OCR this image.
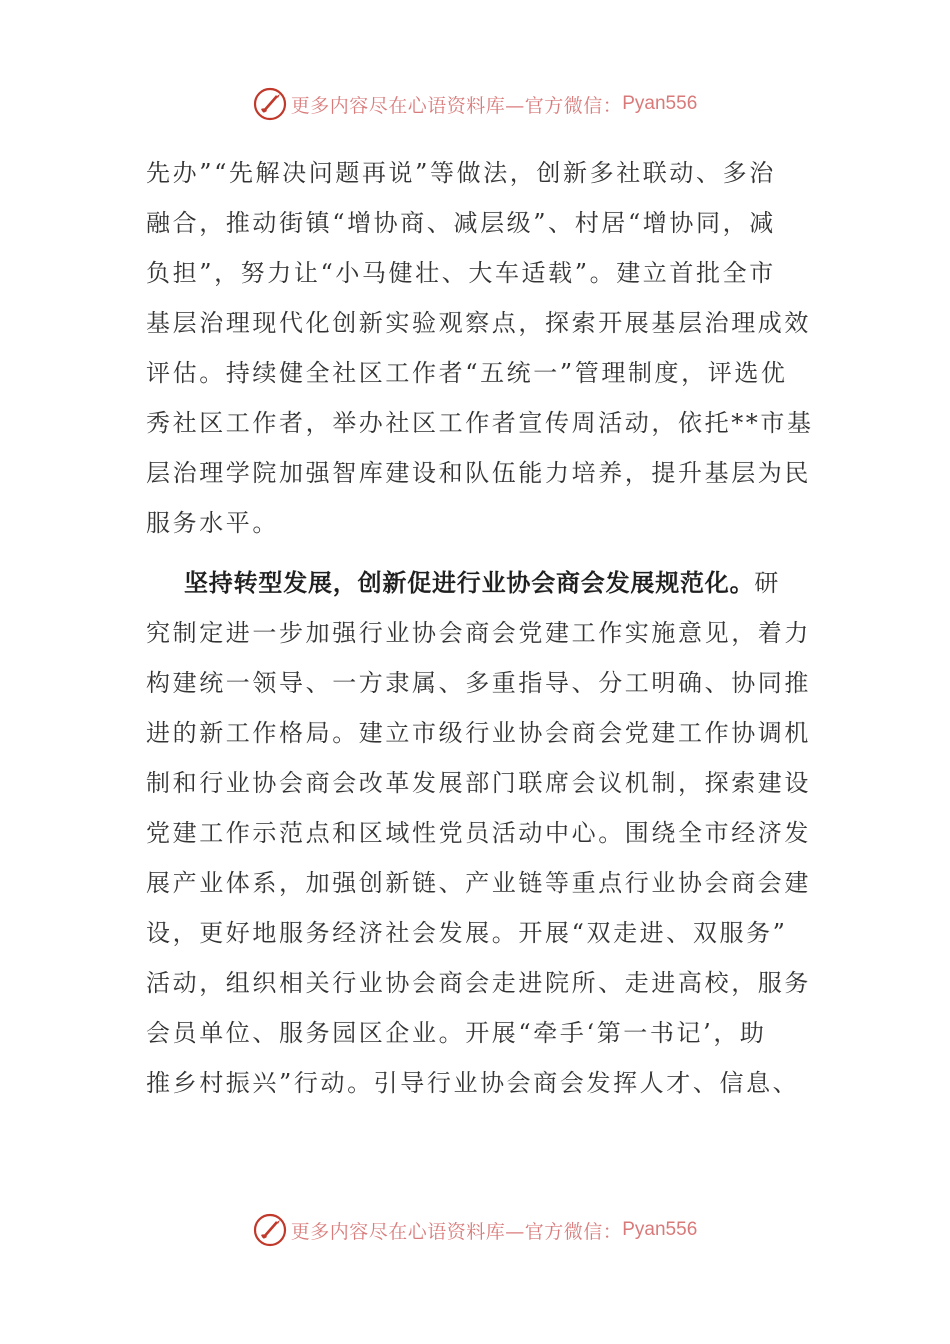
更多内容尽在心语资料库—官方微信： Pyan556
先办”“先解决问题再说”等做法，创新多社联动、多治
融合，推动街镇“增协商、减层级”、村居“增协同，减
负担”，努力让“小马健壮、大车适载”。建立首批全市
基层治理现代化创新实验观察点，探索开展基层治理成效
评估。持续健全社区工作者“五统一”管理制度，评选优
秀社区工作者，举办社区工作者宣传周活动，依托**市基
层治理学院加强智库建设和队伍能力培养，提升基层为民
服务水平。
坚持转型发展，创新促进行业协会商会发展规范化。研
究制定进一步加强行业协会商会党建工作实施意见，着力
构建统一领导、一方隶属、多重指导、分工明确、协同推
进的新工作格局。建立市级行业协会商会党建工作协调机
制和行业协会商会改革发展部门联席会议机制，探索建设
党建工作示范点和区域性党员活动中心。围绕全市经济发
展产业体系，加强创新链、产业链等重点行业协会商会建
设，更好地服务经济社会发展。开展“双走进、双服务”
活动，组织相关行业协会商会走进院所、走进高校，服务
会员单位、服务园区企业。开展“牵手‘第一书记’，助
推乡村振兴”行动。引导行业协会商会发挥人才、信息、
更多内容尽在心语资料库—官方微信： Pyan556
